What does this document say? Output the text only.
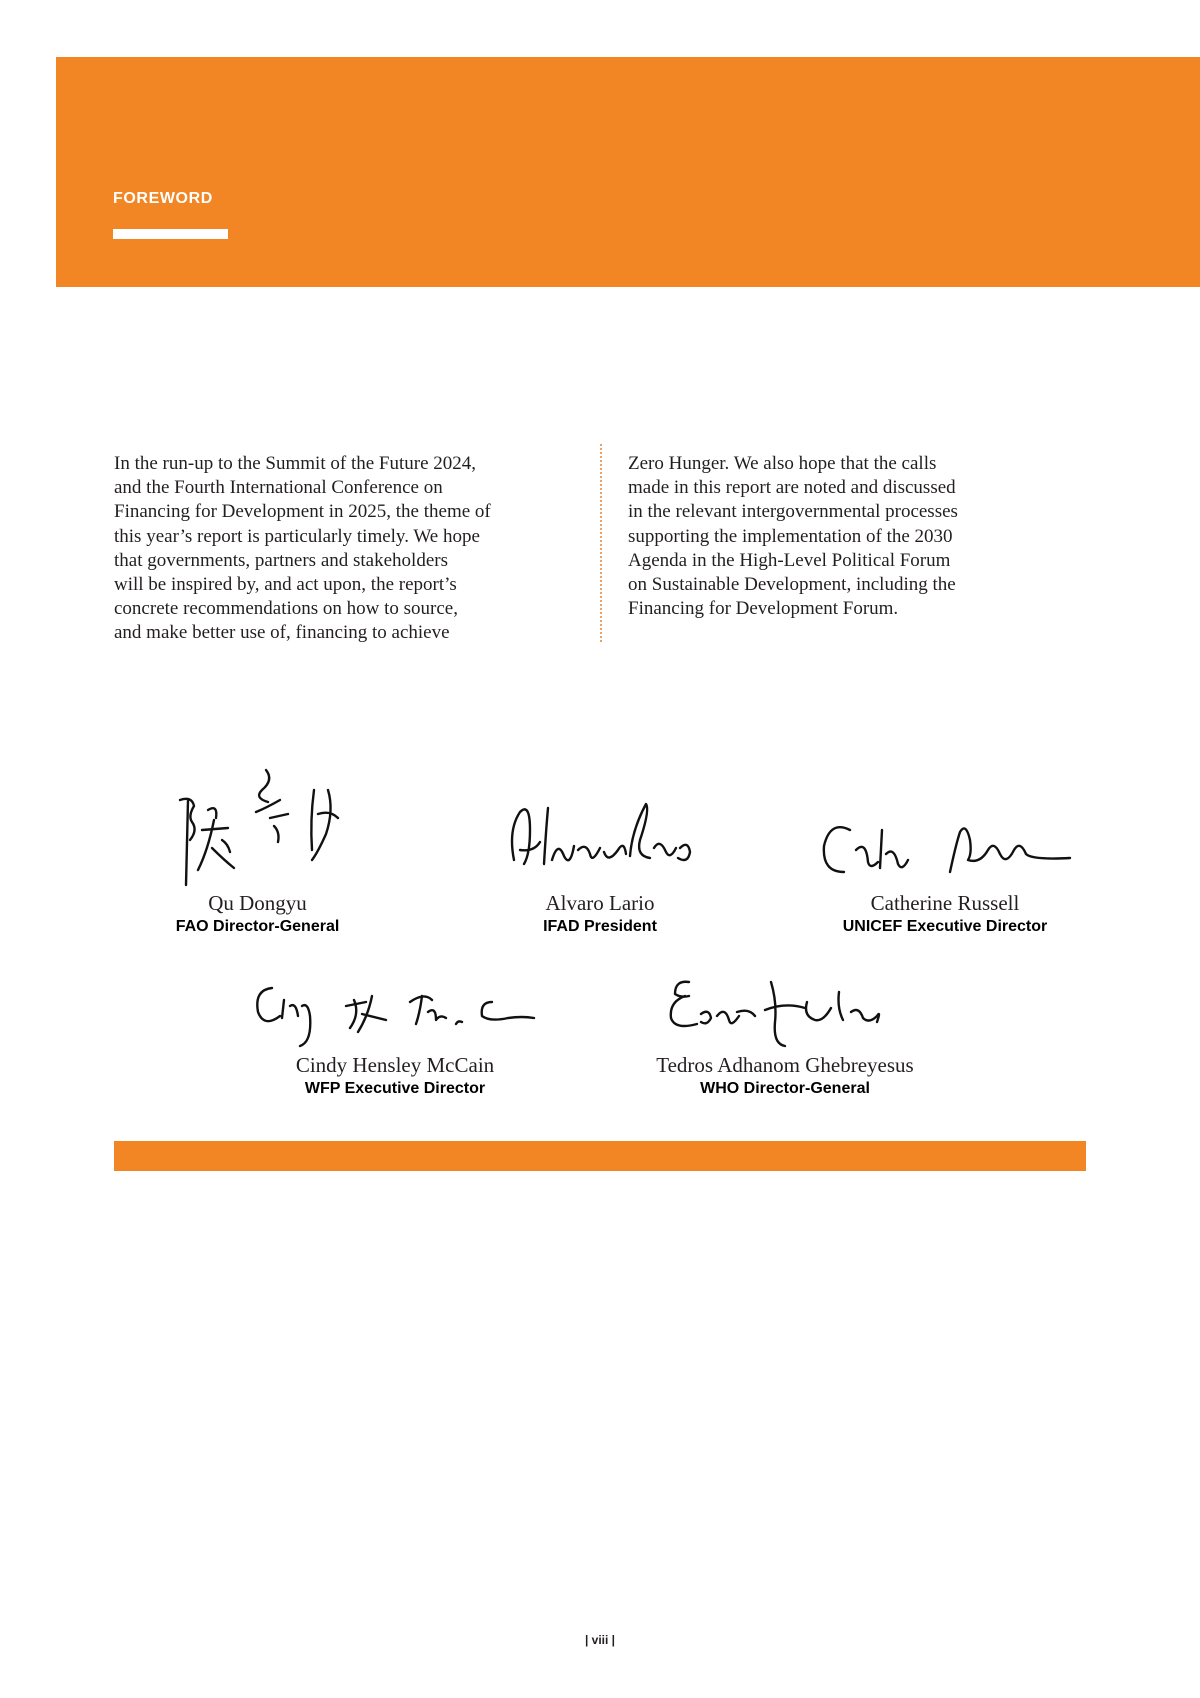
FOREWORD
In the run-up to the Summit of the Future 2024,
and the Fourth International Conference on
Financing for Development in 2025, the theme of
this year’s report is particularly timely. We hope
that governments, partners and stakeholders
will be inspired by, and act upon, the report’s
concrete recommendations on how to source,
and make better use of, financing to achieve
Zero Hunger. We also hope that the calls
made in this report are noted and discussed
in the relevant intergovernmental processes
supporting the implementation of the 2030
Agenda in the High-Level Political Forum
on Sustainable Development, including the
Financing for Development Forum.
Qu Dongyu
FAO Director-General
Alvaro Lario
IFAD President
Catherine Russell
UNICEF Executive Director
Cindy Hensley McCain
WFP Executive Director
Tedros Adhanom Ghebreyesus
WHO Director-General
| viii |
